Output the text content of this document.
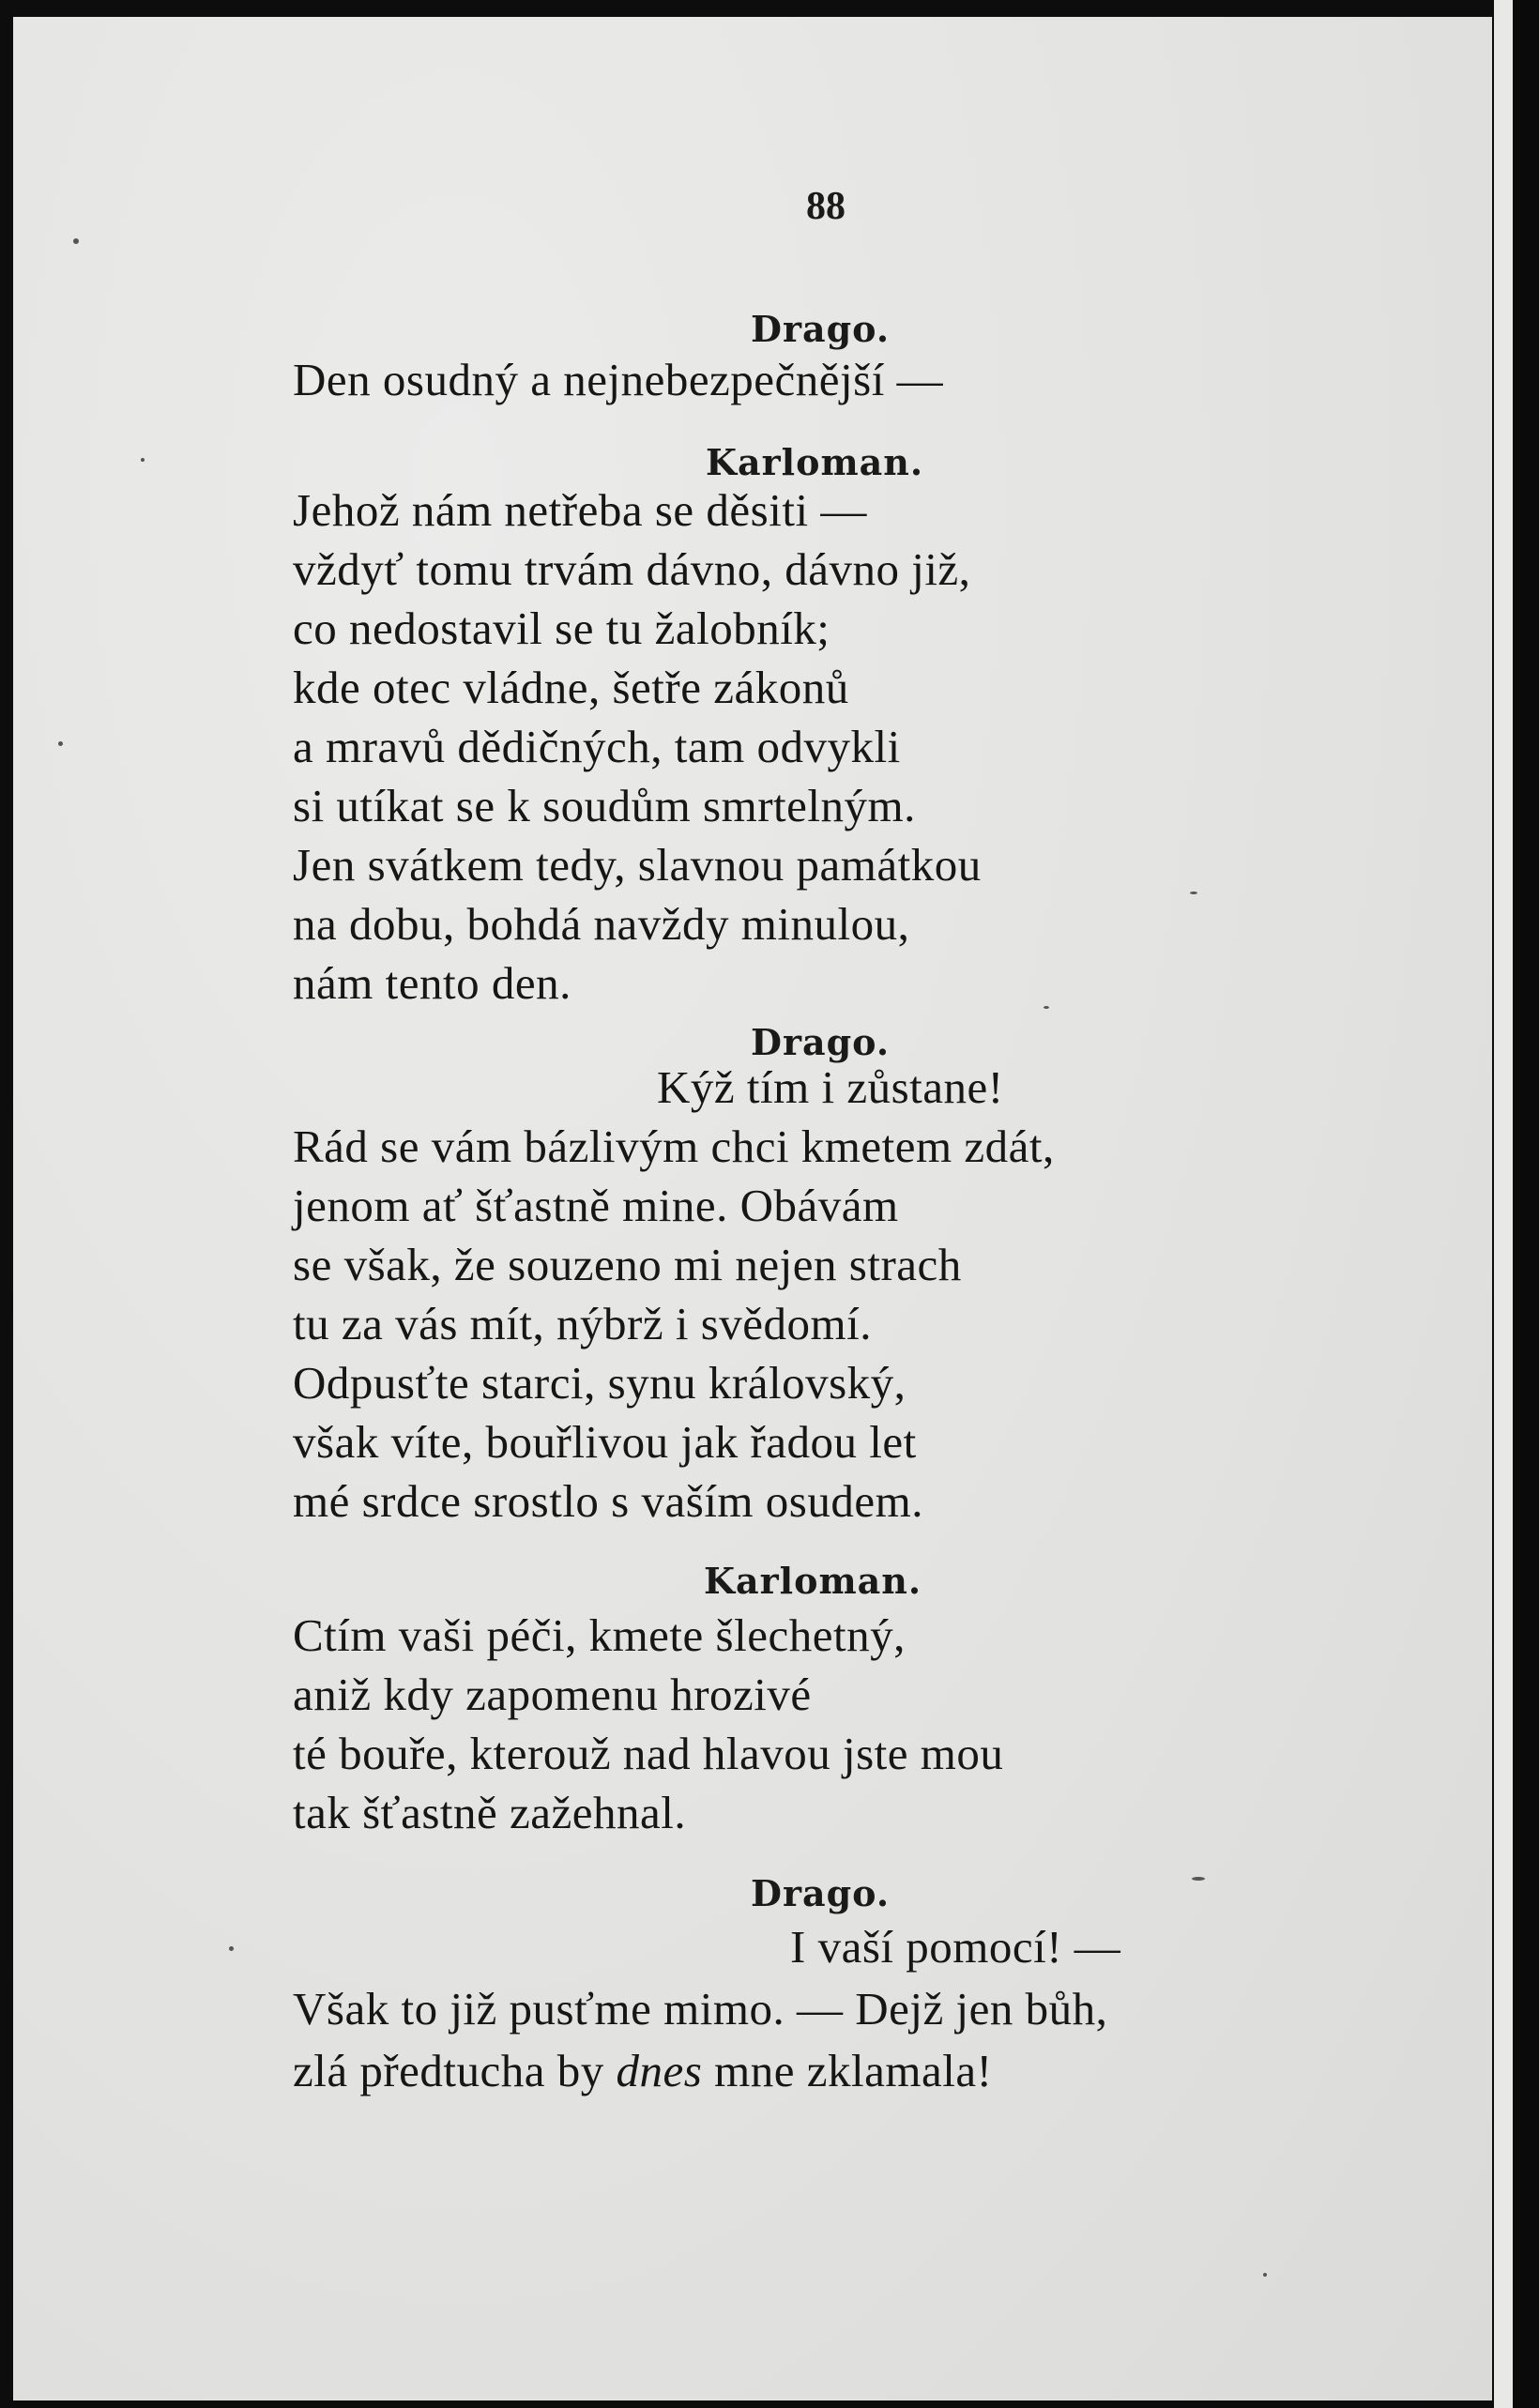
88
Drago.
Den osudný a nejnebezpečnější —
Karloman.
Jehož nám netřeba se děsiti —
vždyť tomu trvám dávno, dávno již,
co nedostavil se tu žalobník;
kde otec vládne, šetře zákonů
a mravů dědičných, tam odvykli
si utíkat se k soudům smrtelným.
Jen svátkem tedy, slavnou památkou
na dobu, bohdá navždy minulou,
nám tento den.
Drago.
Kýž tím i zůstane!
Rád se vám bázlivým chci kmetem zdát,
jenom ať šťastně mine. Obávám
se však, že souzeno mi nejen strach
tu za vás mít, nýbrž i svědomí.
Odpusťte starci, synu královský,
však víte, bouřlivou jak řadou let
mé srdce srostlo s vaším osudem.
Karloman.
Ctím vaši péči, kmete šlechetný,
aniž kdy zapomenu hrozivé
té bouře, kterouž nad hlavou jste mou
tak šťastně zažehnal.
Drago.
I vaší pomocí! —
Však to již pusťme mimo. — Dejž jen bůh,
zlá předtucha by dnes mne zklamala!
